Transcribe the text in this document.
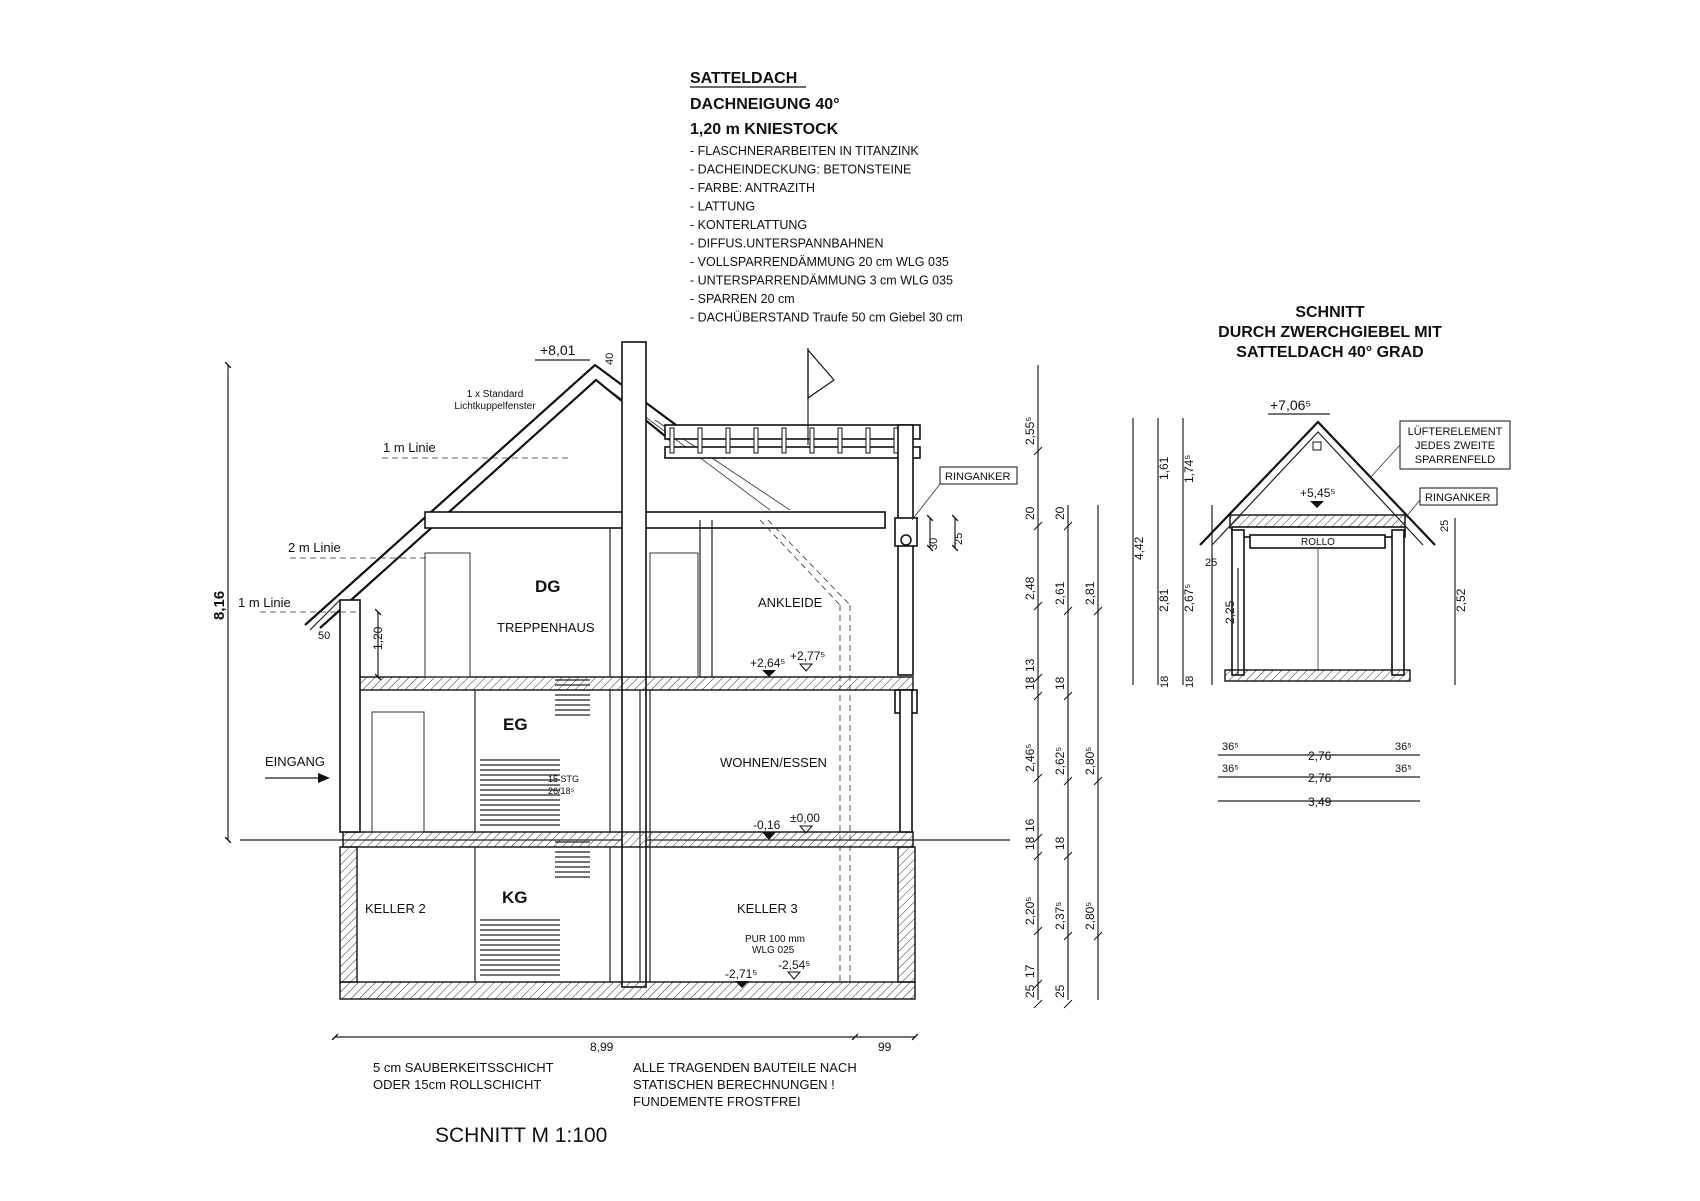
SATTELDACH
DACHNEIGUNG 40°
1,20 m KNIESTOCK
- FLASCHNERARBEITEN IN TITANZINK
- DACHEINDECKUNG: BETONSTEINE
- FARBE: ANTRAZITH
- LATTUNG
- KONTERLATTUNG
- DIFFUS.UNTERSPANNBAHNEN
- VOLLSPARRENDÄMMUNG 20 cm WLG 035
- UNTERSPARRENDÄMMUNG 3 cm WLG 035
- SPARREN 20 cm
- DACHÜBERSTAND Traufe 50 cm Giebel 30 cm
1 m Linie
2 m Linie
1 m Linie
1 x Standard
Lichtkuppelfenster
+8,01
40
8,16
1,20
50
RINGANKER
DG
TREPPENHAUS
ANKLEIDE
EG
WOHNEN/ESSEN
15 STG
26/18⁵
KG
KELLER 2	KELLER 3
PUR 100 mm
WLG 025
EINGANG
+2,64⁵ +2,77⁵
-0,16 ±0,00
-2,71⁵
-2,54⁵
8,99	99
30 25
2,55⁵
20
2,48
13
18
2,46⁵
16
18
2,20⁵
17
25
20
2,61
18
2,62⁵
18
2,37⁵
25
2,81
2,80⁵
2,80⁵
5 cm SAUBERKEITSSCHICHT
ODER 15cm ROLLSCHICHT
ALLE TRAGENDEN BAUTEILE NACH
STATISCHEN BERECHNUNGEN !
FUNDEMENTE FROSTFREI
SCHNITT M 1:100
SCHNITT
DURCH ZWERCHGIEBEL MIT
SATTELDACH 40° GRAD
ROLLO
+7,06⁵
+5,45⁵
LÜFTERELEMENT
JEDES ZWEITE
SPARRENFELD
RINGANKER
4,42
1,61
2,81
18
1,74⁵
2,67⁵
18
25
2,25
25
2,52
36⁵
2,76
36⁵
36⁵
2,76
36⁵
3,49
